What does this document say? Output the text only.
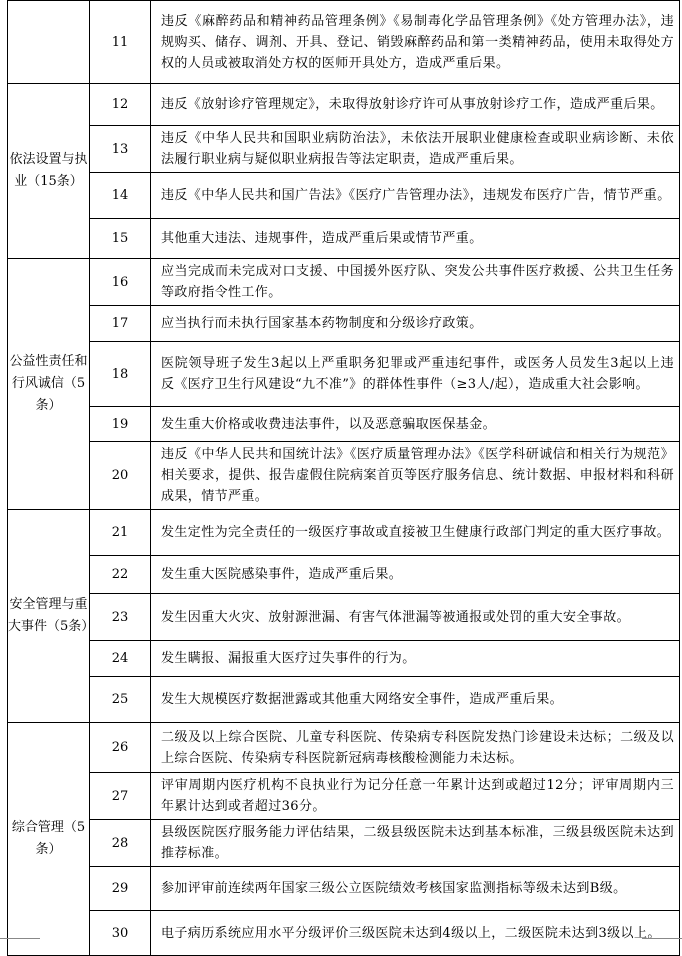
	11	违反《麻醉药品和精神药品管理条例》《易制毒化学品管理条例》《处方管理办法》，违规购买、储存、调剂、开具、登记、销毁麻醉药品和第一类精神药品，使用未取得处方权的人员或被取消处方权的医师开具处方，造成严重后果。
依法设置与执业（15条）	12	违反《放射诊疗管理规定》，未取得放射诊疗许可从事放射诊疗工作，造成严重后果。
	13	违反《中华人民共和国职业病防治法》，未依法开展职业健康检查或职业病诊断、未依法履行职业病与疑似职业病报告等法定职责，造成严重后果。
	14	违反《中华人民共和国广告法》《医疗广告管理办法》，违规发布医疗广告，情节严重。
	15	其他重大违法、违规事件，造成严重后果或情节严重。
公益性责任和行风诚信（5条）	16	应当完成而未完成对口支援、中国援外医疗队、突发公共事件医疗救援、公共卫生任务等政府指令性工作。
	17	应当执行而未执行国家基本药物制度和分级诊疗政策。
	18	医院领导班子发生3起以上严重职务犯罪或严重违纪事件，或医务人员发生3起以上违反《医疗卫生行风建设“九不准”》的群体性事件（≥3人/起），造成重大社会影响。
	19	发生重大价格或收费违法事件，以及恶意骗取医保基金。
	20	违反《中华人民共和国统计法》《医疗质量管理办法》《医学科研诚信和相关行为规范》相关要求，提供、报告虚假住院病案首页等医疗服务信息、统计数据、申报材料和科研成果，情节严重。
安全管理与重大事件（5条）	21	发生定性为完全责任的一级医疗事故或直接被卫生健康行政部门判定的重大医疗事故。
	22	发生重大医院感染事件，造成严重后果。
	23	发生因重大火灾、放射源泄漏、有害气体泄漏等被通报或处罚的重大安全事故。
	24	发生瞒报、漏报重大医疗过失事件的行为。
	25	发生大规模医疗数据泄露或其他重大网络安全事件，造成严重后果。
综合管理（5条）	26	二级及以上综合医院、儿童专科医院、传染病专科医院发热门诊建设未达标；二级及以上综合医院、传染病专科医院新冠病毒核酸检测能力未达标。
	27	评审周期内医疗机构不良执业行为记分任意一年累计达到或超过12分；评审周期内三年累计达到或者超过36分。
	28	县级医院医疗服务能力评估结果，二级县级医院未达到基本标准，三级县级医院未达到推荐标准。
	29	参加评审前连续两年国家三级公立医院绩效考核国家监测指标等级未达到B级。
	30	电子病历系统应用水平分级评价三级医院未达到4级以上，二级医院未达到3级以上。
